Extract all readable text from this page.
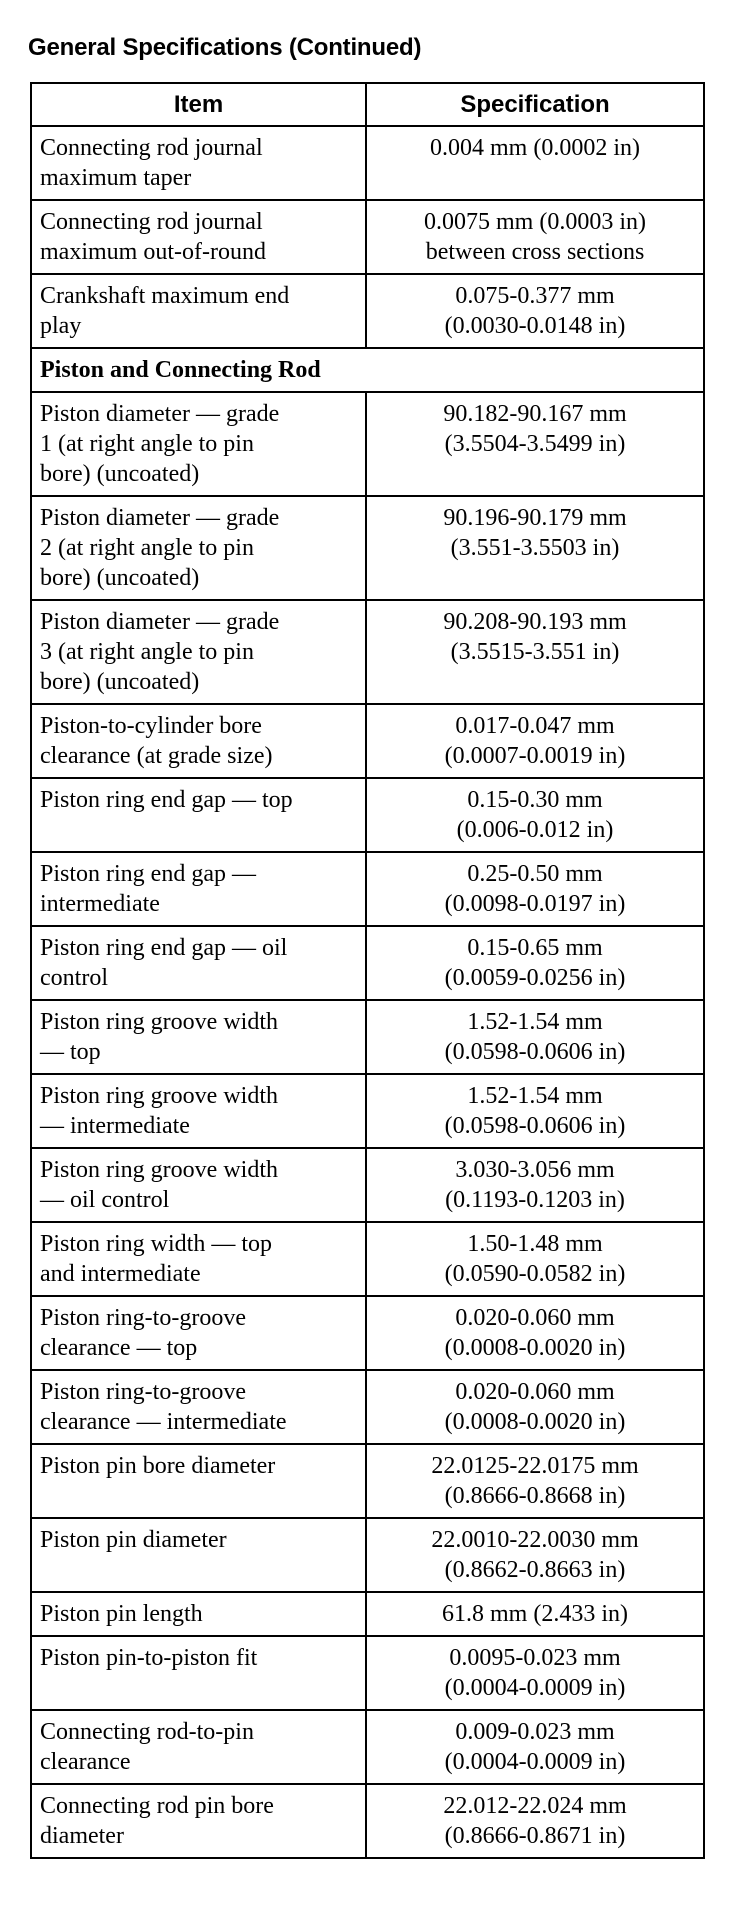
General Specifications (Continued)
Item	Specification

Connecting rod journal
maximum taper	0.004 mm (0.0002 in)

Connecting rod journal
maximum out-of-round	0.0075 mm (0.0003 in)
between cross sections

Crankshaft maximum end
play	0.075-0.377 mm
(0.0030-0.0148 in)

Piston and Connecting Rod	

Piston diameter — grade
1 (at right angle to pin
bore) (uncoated)	90.182-90.167 mm
(3.5504-3.5499 in)

Piston diameter — grade
2 (at right angle to pin
bore) (uncoated)	90.196-90.179 mm
(3.551-3.5503 in)

Piston diameter — grade
3 (at right angle to pin
bore) (uncoated)	90.208-90.193 mm
(3.5515-3.551 in)

Piston-to-cylinder bore
clearance (at grade size)	0.017-0.047 mm
(0.0007-0.0019 in)

Piston ring end gap — top	0.15-0.30 mm
(0.006-0.012 in)

Piston ring end gap —
intermediate	0.25-0.50 mm
(0.0098-0.0197 in)

Piston ring end gap — oil
control	0.15-0.65 mm
(0.0059-0.0256 in)

Piston ring groove width
— top	1.52-1.54 mm
(0.0598-0.0606 in)

Piston ring groove width
— intermediate	1.52-1.54 mm
(0.0598-0.0606 in)

Piston ring groove width
— oil control	3.030-3.056 mm
(0.1193-0.1203 in)

Piston ring width — top
and intermediate	1.50-1.48 mm
(0.0590-0.0582 in)

Piston ring-to-groove
clearance — top	0.020-0.060 mm
(0.0008-0.0020 in)

Piston ring-to-groove
clearance — intermediate	0.020-0.060 mm
(0.0008-0.0020 in)

Piston pin bore diameter	22.0125-22.0175 mm
(0.8666-0.8668 in)

Piston pin diameter	22.0010-22.0030 mm
(0.8662-0.8663 in)

Piston pin length	61.8 mm (2.433 in)

Piston pin-to-piston fit	0.0095-0.023 mm
(0.0004-0.0009 in)

Connecting rod-to-pin
clearance	0.009-0.023 mm
(0.0004-0.0009 in)

Connecting rod pin bore
diameter	22.012-22.024 mm
(0.8666-0.8671 in)
